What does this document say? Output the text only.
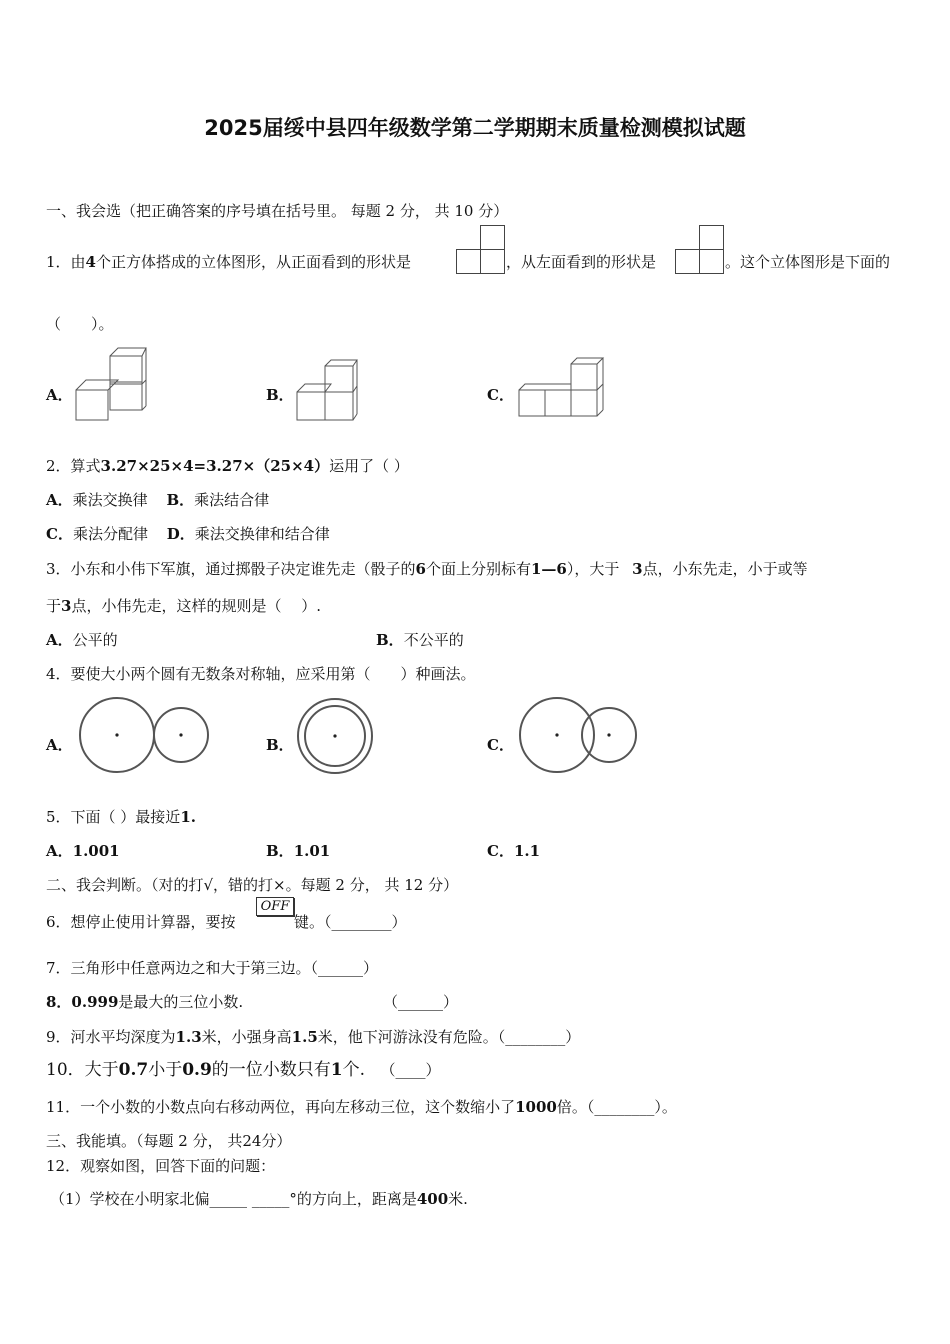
2025届绥中县四年级数学第二学期期末质量检测模拟试题
一、我会选（把正确答案的序号填在括号里。 每题 2 分， 共 10 分）
1．由4个正方体搭成的立体图形，从正面看到的形状是	，从左面看到的形状是	。这个立体图形是下面的
（　　）。
A．	B．	C．
2．算式3.27×25×4=3.27×（25×4）运用了（ ）
A．乘法交换律 B．乘法结合律
C．乘法分配律 D．乘法交换律和结合律
3．小东和小伟下军旗，通过掷骰子决定谁先走（骰子的6个面上分别标有1—6），大于 3点，小东先走，小于或等
于3点，小伟先走，这样的规则是（　 ）.
A．公平的	B．不公平的
4．要使大小两个圆有无数条对称轴，应采用第（　　）种画法。
A．	B．	C．
5．下面（ ）最接近1.
A．1.001	B．1.01	C．1.1
二、我会判断。（对的打√，错的打×。每题 2 分， 共 12 分）
6．想停止使用计算器，要按
OFF
键。（________）
7．三角形中任意两边之和大于第三边。（______）
8．0.999是最大的三位小数.	（______）
9．河水平均深度为1.3米，小强身高1.5米，他下河游泳没有危险。（________）
10．大于0.7小于0.9的一位小数只有1个. （____）
11．一个小数的小数点向右移动两位，再向左移动三位，这个数缩小了1000倍。（________）。
三、我能填。（每题 2 分， 共24分）
12．观察如图，回答下面的问题：
（1）学校在小明家北偏_____ _____°的方向上，距离是400米.
